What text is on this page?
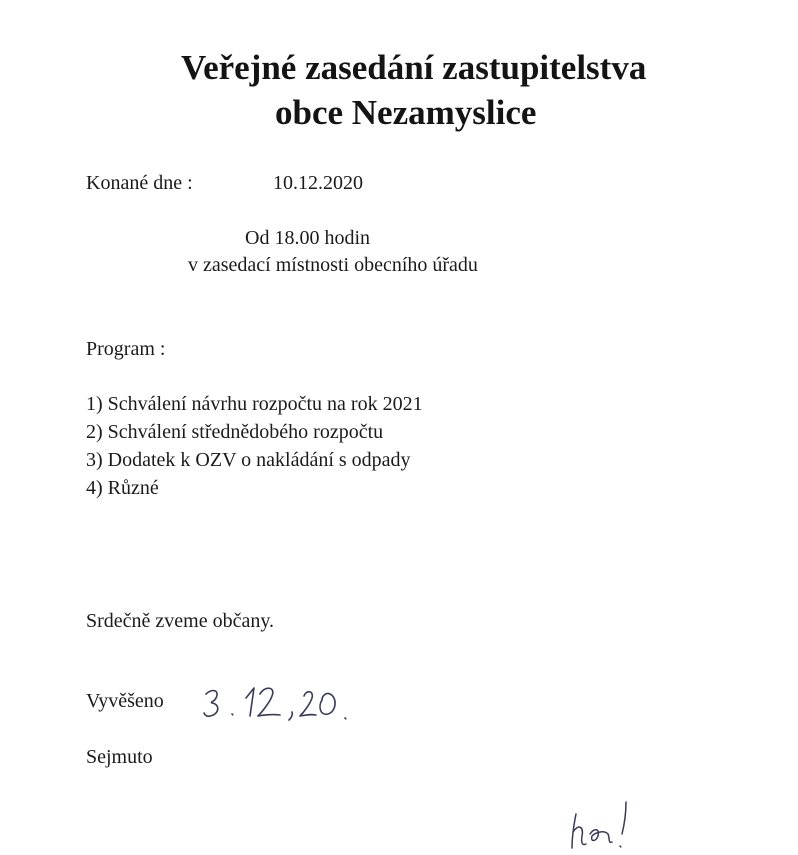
Veřejné zasedání zastupitelstva
obce Nezamyslice
Konané dne :	10.12.2020
Od 18.00 hodin
v zasedací místnosti obecního úřadu
Program :
1) Schválení návrhu rozpočtu na rok 2021
2) Schválení střednědobého rozpočtu
3) Dodatek k OZV o nakládání s odpady
4) Různé
Srdečně zveme občany.
Vyvěšeno
Sejmuto
